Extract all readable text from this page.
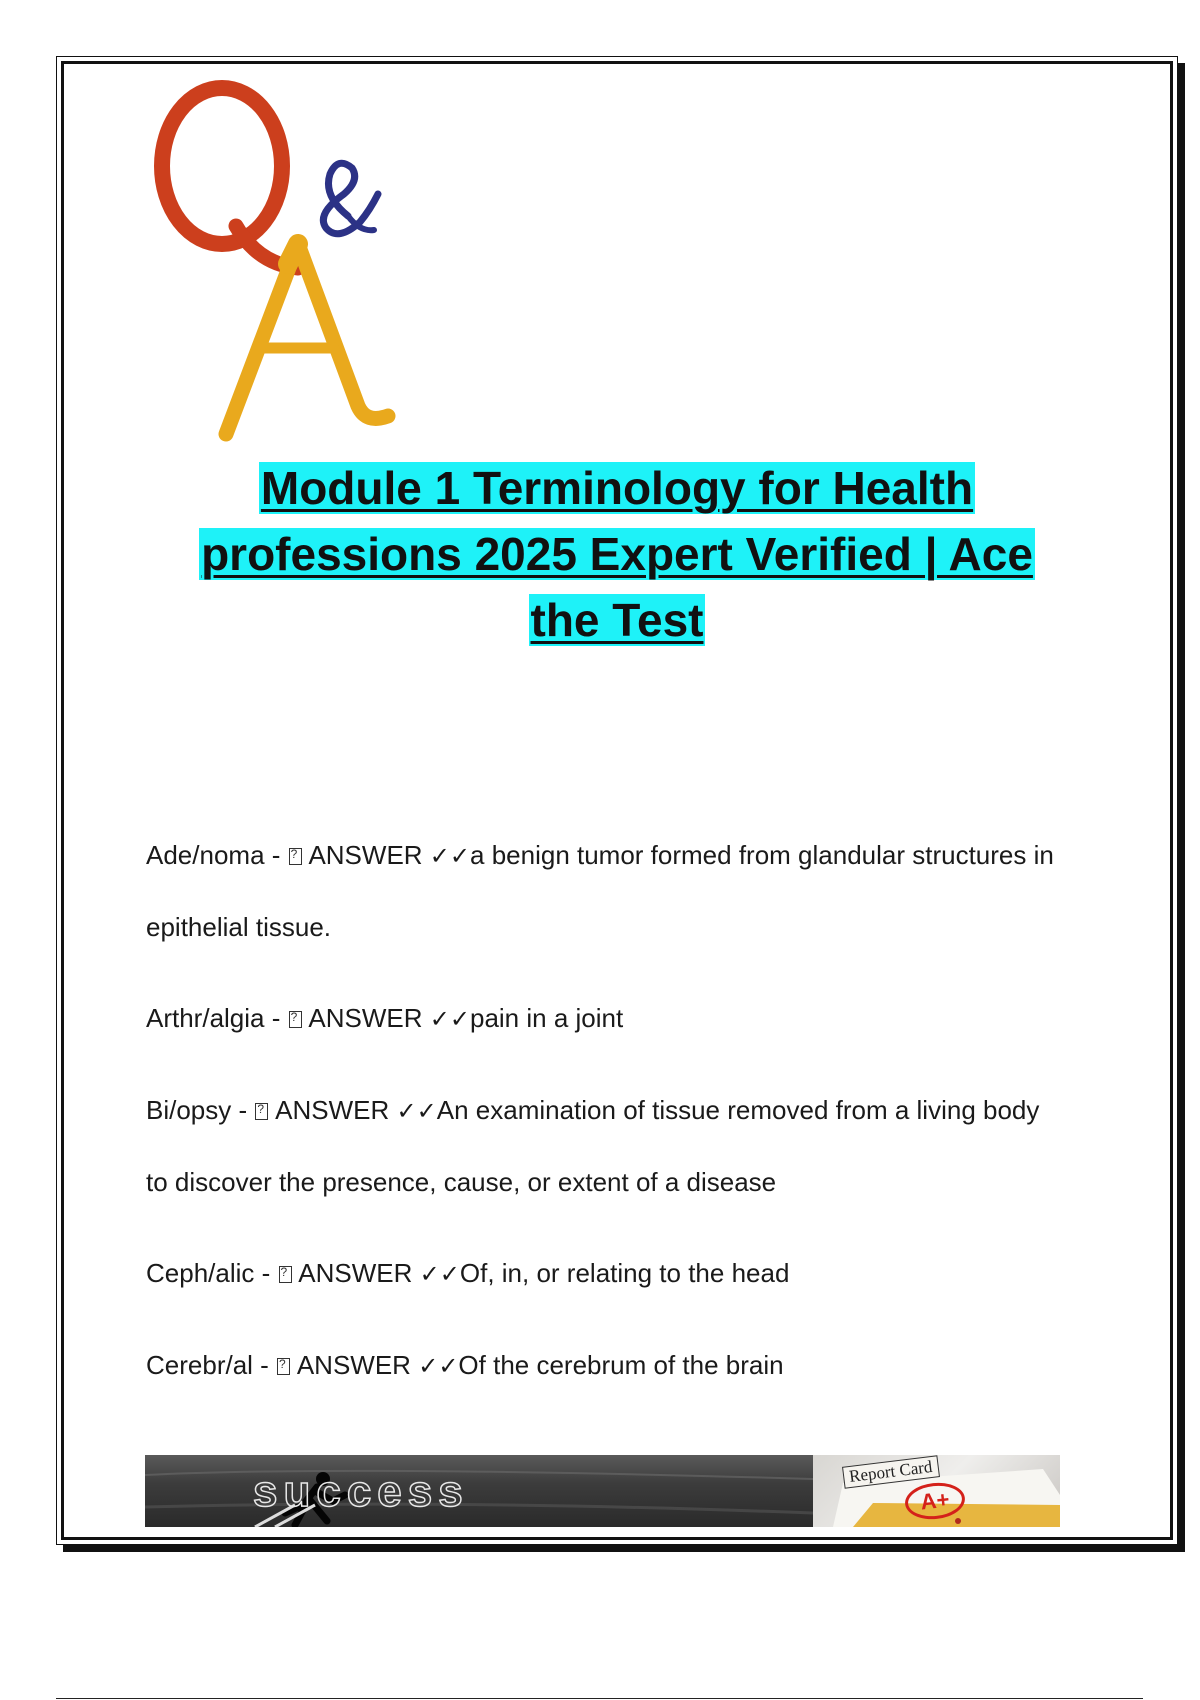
Module 1 Terminology for Health
professions 2025 Expert Verified | Ace
the Test
Ade/noma - ? ANSWER ✓✓a benign tumor formed from glandular structures in epithelial tissue.
Arthr/algia - ? ANSWER ✓✓pain in a joint
Bi/opsy - ? ANSWER ✓✓An examination of tissue removed from a living body to discover the presence, cause, or extent of a disease
Ceph/alic - ? ANSWER ✓✓Of, in, or relating to the head
Cerebr/al - ? ANSWER ✓✓Of the cerebrum of the brain
success	Report Card
A+
